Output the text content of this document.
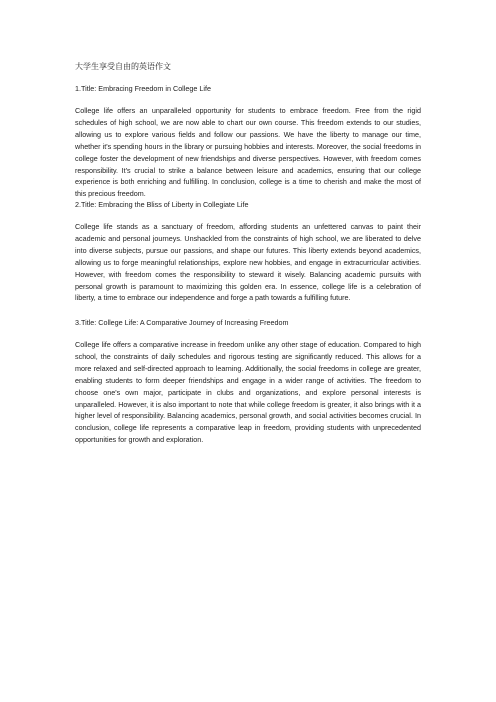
大学生享受自由的英语作文

1.Title: Embracing Freedom in College Life

College life offers an unparalleled opportunity for students to embrace freedom. Free from the rigid schedules of high school, we are now able to chart our own course. This freedom extends to our studies, allowing us to explore various fields and follow our passions. We have the liberty to manage our time, whether it's spending hours in the library or pursuing hobbies and interests. Moreover, the social freedoms in college foster the development of new friendships and diverse perspectives. However, with freedom comes responsibility. It's crucial to strike a balance between leisure and academics, ensuring that our college experience is both enriching and fulfilling. In conclusion, college is a time to cherish and make the most of this precious freedom.

2.Title: Embracing the Bliss of Liberty in Collegiate Life

College life stands as a sanctuary of freedom, affording students an unfettered canvas to paint their academic and personal journeys. Unshackled from the constraints of high school, we are liberated to delve into diverse subjects, pursue our passions, and shape our futures. This liberty extends beyond academics, allowing us to forge meaningful relationships, explore new hobbies, and engage in extracurricular activities. However, with freedom comes the responsibility to steward it wisely. Balancing academic pursuits with personal growth is paramount to maximizing this golden era. In essence, college life is a celebration of liberty, a time to embrace our independence and forge a path towards a fulfilling future.

3.Title: College Life: A Comparative Journey of Increasing Freedom

College life offers a comparative increase in freedom unlike any other stage of education. Compared to high school, the constraints of daily schedules and rigorous testing are significantly reduced. This allows for a more relaxed and self-directed approach to learning. Additionally, the social freedoms in college are greater, enabling students to form deeper friendships and engage in a wider range of activities. The freedom to choose one's own major, participate in clubs and organizations, and explore personal interests is unparalleled. However, it is also important to note that while college freedom is greater, it also brings with it a higher level of responsibility. Balancing academics, personal growth, and social activities becomes crucial. In conclusion, college life represents a comparative leap in freedom, providing students with unprecedented opportunities for growth and exploration.
